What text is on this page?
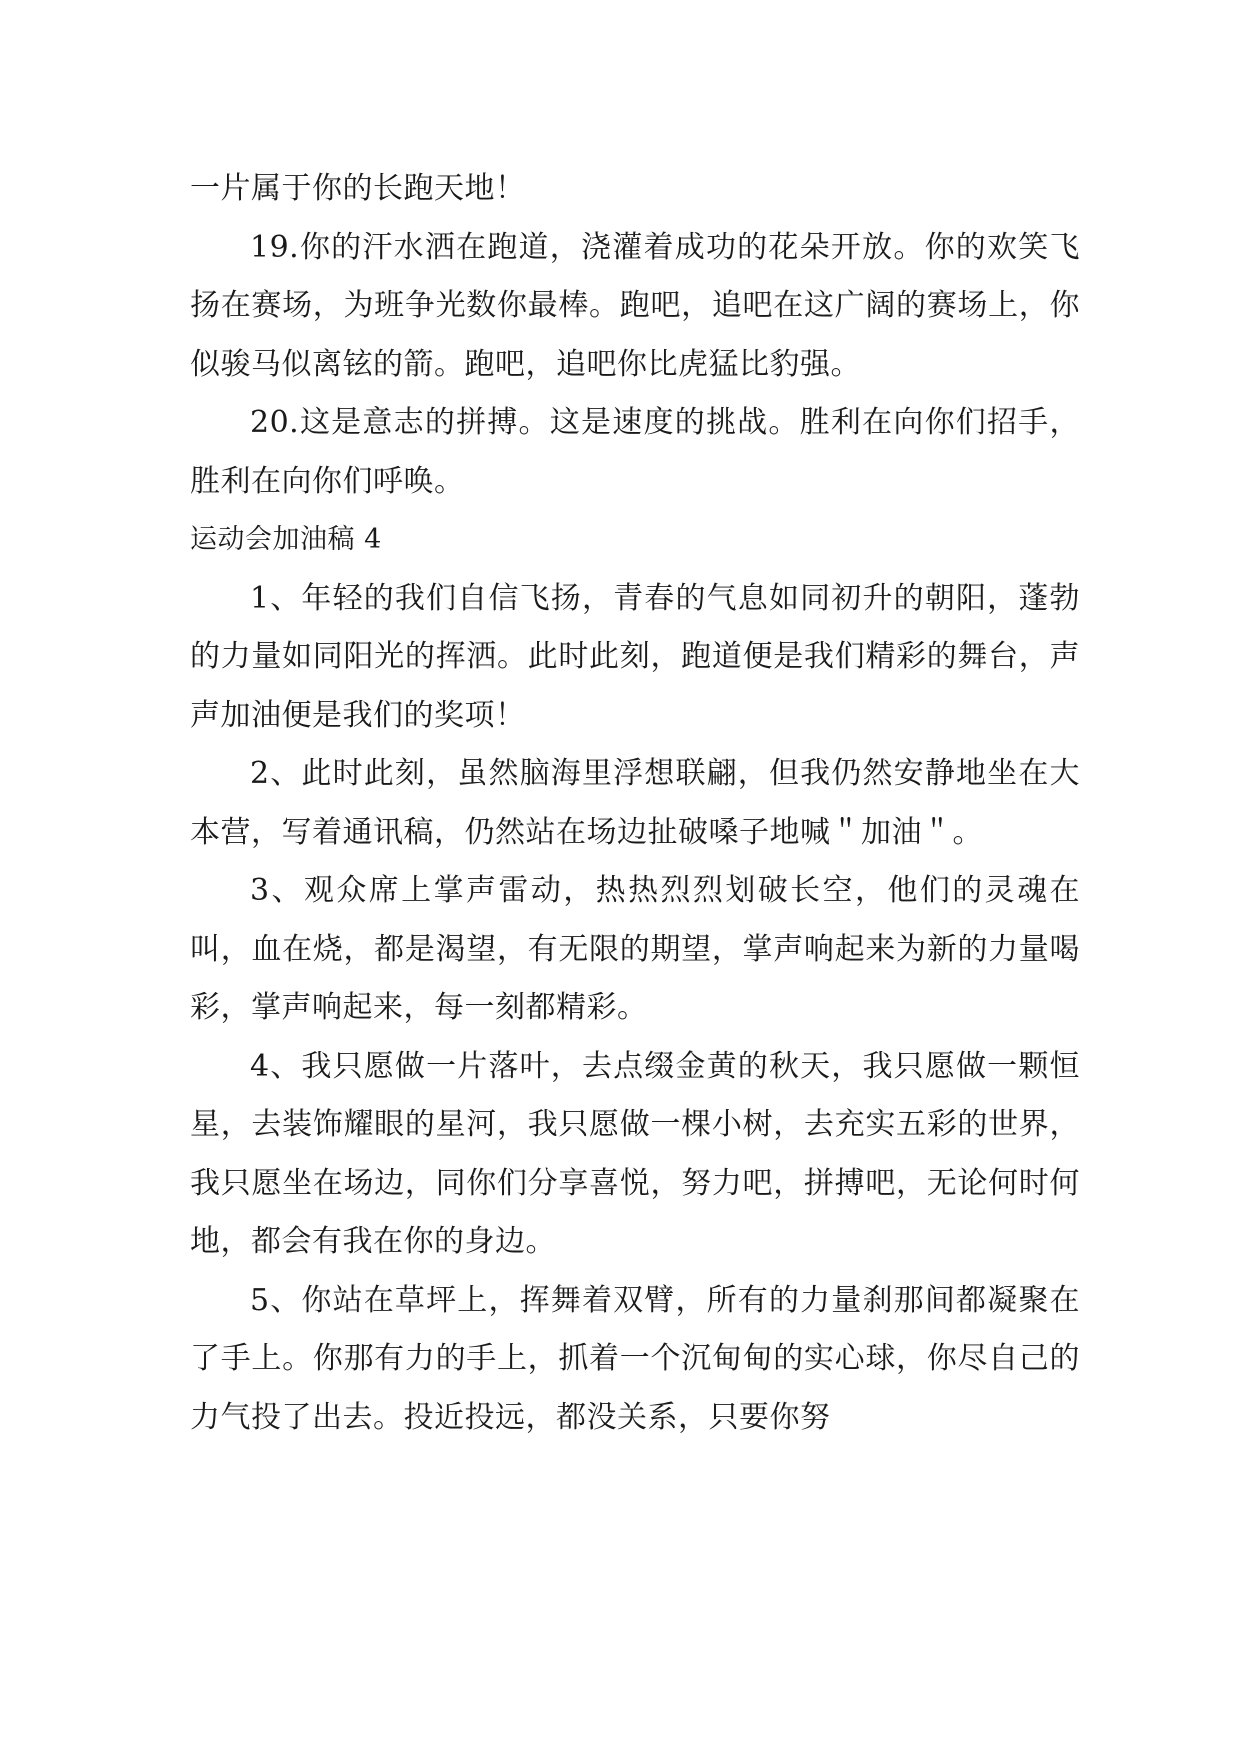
一片属于你的长跑天地！

19.你的汗水洒在跑道，浇灌着成功的花朵开放。你的欢笑飞扬在赛场，为班争光数你最棒。跑吧，追吧在这广阔的赛场上，你似骏马似离铉的箭。跑吧，追吧你比虎猛比豹强。

20.这是意志的拼搏。这是速度的挑战。胜利在向你们招手，胜利在向你们呼唤。

运动会加油稿 4

1、年轻的我们自信飞扬，青春的气息如同初升的朝阳，蓬勃的力量如同阳光的挥洒。此时此刻，跑道便是我们精彩的舞台，声声加油便是我们的奖项！

2、此时此刻，虽然脑海里浮想联翩，但我仍然安静地坐在大本营，写着通讯稿，仍然站在场边扯破嗓子地喊＂加油＂。

3、观众席上掌声雷动，热热烈烈划破长空，他们的灵魂在叫，血在烧，都是渴望，有无限的期望，掌声响起来为新的力量喝彩，掌声响起来，每一刻都精彩。

4、我只愿做一片落叶，去点缀金黄的秋天，我只愿做一颗恒星，去装饰耀眼的星河，我只愿做一棵小树，去充实五彩的世界，我只愿坐在场边，同你们分享喜悦，努力吧，拼搏吧，无论何时何地，都会有我在你的身边。

5、你站在草坪上，挥舞着双臂，所有的力量刹那间都凝聚在了手上。你那有力的手上，抓着一个沉甸甸的实心球，你尽自己的力气投了出去。投近投远，都没关系，只要你努
